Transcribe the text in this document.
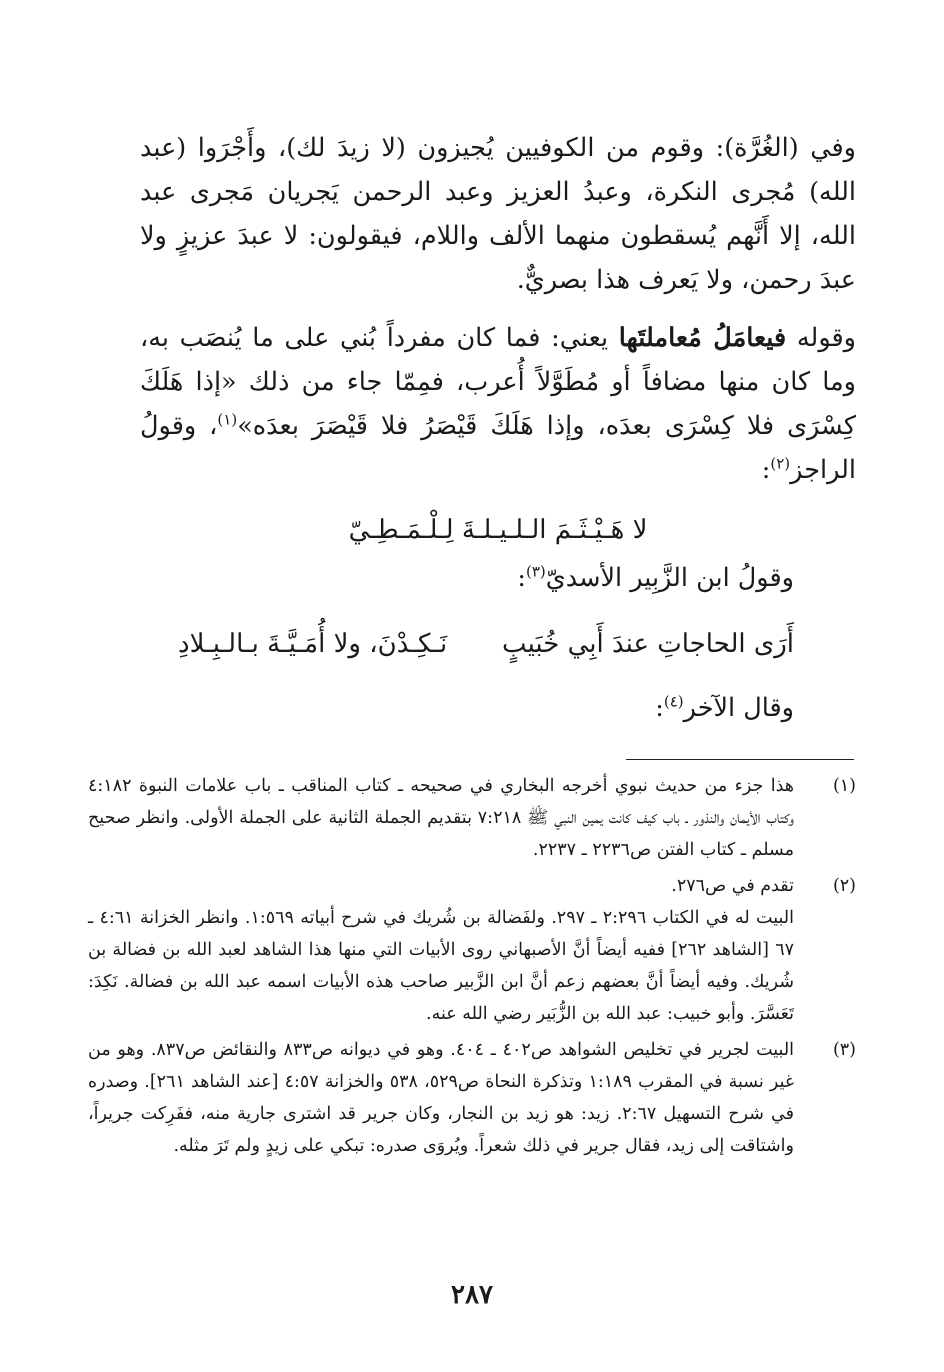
وفي (الغُرَّة): وقوم من الكوفيين يُجيزون (لا زيدَ لك)، وأَجْرَوا (عبد الله) مُجرى النكرة، وعبدُ العزيز وعبد الرحمن يَجريان مَجرى عبد الله، إلا أَنَّهم يُسقطون منهما الألف واللام، فيقولون: لا عبدَ عزيزٍ ولا عبدَ رحمن، ولا يَعرف هذا بصريٌّ.

وقوله فيعامَلُ مُعاملتَها يعني: فما كان مفرداً بُني على ما يُنصَب به، وما كان منها مضافاً أو مُطَوَّلاً أُعرب، فمِمّا جاء من ذلك «إذا هَلَكَ كِسْرَى فلا كِسْرَى بعدَه، وإذا هَلَكَ قَيْصَرُ فلا قَيْصَرَ بعدَه»$^{(١)}$، وقولُ الراجز$^{(٢)}$:

لا هَـيْـثَـمَ الـلـيـلـةَ لِـلْـمَـطِـيّ
وقولُ ابن الزَّبِير الأسديّ$^{(٣)}$:
أَرَى الحاجاتِ عندَ أَبِي خُبَيبٍ
نَـكِـدْنَ، ولا أُمَـيَّـةَ بـالـبِـلادِ
وقال الآخر$^{(٤)}$:
(١)

هذا جزء من حديث نبوي أخرجه البخاري في صحيحه ـ كتاب المناقب ـ باب علامات النبوة ٤:١٨٢ وكتاب الأيمان والنذور ـ باب كيف كانت يمين النبي ﷺ ٧:٢١٨ بتقديم الجملة الثانية على الجملة الأولى. وانظر صحيح مسلم ـ كتاب الفتن ص٢٢٣٦ ـ ٢٢٣٧.

(٢)

تقدم في ص٢٧٦.

البيت له في الكتاب ٢:٢٩٦ ـ ٢٩٧. ولفَضالة بن شُريك في شرح أبياته ١:٥٦٩. وانظر الخزانة ٤:٦١ ـ ٦٧ [الشاهد ٢٦٢] ففيه أيضاً أنَّ الأصبهاني روى الأبيات التي منها هذا الشاهد لعبد الله بن فضالة بن شُريك. وفيه أيضاً أنَّ بعضهم زعم أنَّ ابن الزَّبير صاحب هذه الأبيات اسمه عبد الله بن فضالة. نَكِدَ: تَعَسَّرَ. وأبو خبيب: عبد الله بن الزُّبَير رضي الله عنه.

(٣)

البيت لجرير في تخليص الشواهد ص٤٠٢ ـ ٤٠٤. وهو في ديوانه ص٨٣٣ والنقائض ص٨٣٧. وهو من غير نسبة في المقرب ١:١٨٩ وتذكرة النحاة ص٥٢٩، ٥٣٨ والخزانة ٤:٥٧ [عند الشاهد ٢٦١]. وصدره في شرح التسهيل ٢:٦٧. زيد: هو زيد بن النجار، وكان جرير قد اشترى جارية منه، ففَرِكت جريراً، واشتاقت إلى زيد، فقال جرير في ذلك شعراً. ويُروَى صدره: تبكي على زيدٍ ولم تَرَ مثله.

٢٨٧
